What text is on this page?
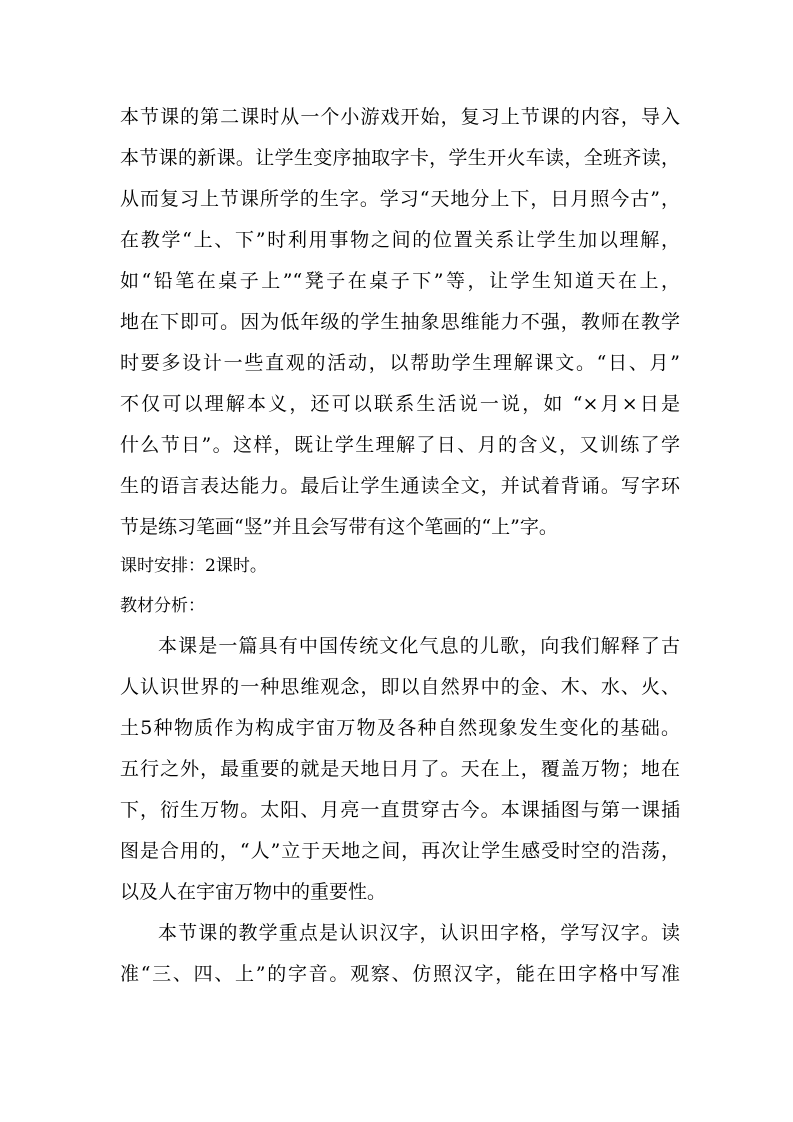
本节课的第二课时从一个小游戏开始，复习上节课的内容，导入
本节课的新课。让学生变序抽取字卡，学生开火车读，全班齐读，
从而复习上节课所学的生字。学习“天地分上下，日月照今古”，
在教学“上、下”时利用事物之间的位置关系让学生加以理解，
如“铅笔在桌子上”“凳子在桌子下”等，让学生知道天在上，
地在下即可。因为低年级的学生抽象思维能力不强，教师在教学
时要多设计一些直观的活动，以帮助学生理解课文。“日、月”
不仅可以理解本义，还可以联系生活说一说，如 “×月×日是
什么节日”。这样，既让学生理解了日、月的含义，又训练了学
生的语言表达能力。最后让学生通读全文，并试着背诵。写字环
节是练习笔画“竖”并且会写带有这个笔画的“上”字。
课时安排：2课时。
教材分析：
本课是一篇具有中国传统文化气息的儿歌，向我们解释了古
人认识世界的一种思维观念，即以自然界中的金、木、水、火、
土5种物质作为构成宇宙万物及各种自然现象发生变化的基础。
五行之外，最重要的就是天地日月了。天在上，覆盖万物；地在
下，衍生万物。太阳、月亮一直贯穿古今。本课插图与第一课插
图是合用的，“人”立于天地之间，再次让学生感受时空的浩荡，
以及人在宇宙万物中的重要性。
本节课的教学重点是认识汉字，认识田字格，学写汉字。读
准“三、四、上”的字音。观察、仿照汉字，能在田字格中写准
